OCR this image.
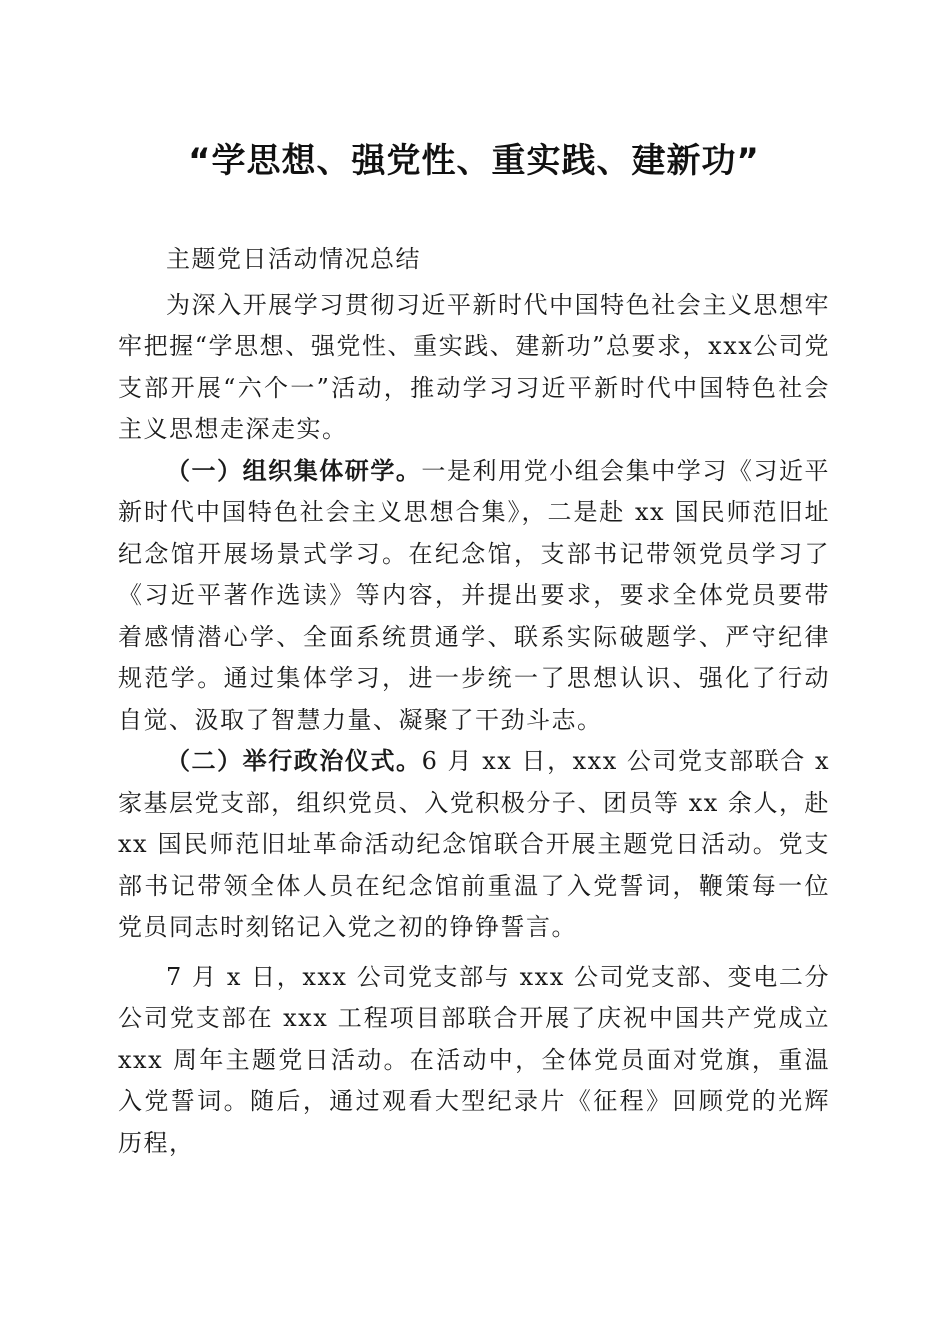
“学思想、强党性、重实践、建新功”

主题党日活动情况总结

为深入开展学习贯彻习近平新时代中国特色社会主义思想牢牢把握“学思想、强党性、重实践、建新功”总要求，xxx公司党支部开展“六个一”活动，推动学习习近平新时代中国特色社会主义思想走深走实。

（一）组织集体研学。一是利用党小组会集中学习《习近平新时代中国特色社会主义思想合集》，二是赴 xx 国民师范旧址纪念馆开展场景式学习。在纪念馆，支部书记带领党员学习了《习近平著作选读》等内容，并提出要求，要求全体党员要带着感情潜心学、全面系统贯通学、联系实际破题学、严守纪律规范学。通过集体学习，进一步统一了思想认识、强化了行动自觉、汲取了智慧力量、凝聚了干劲斗志。

（二）举行政治仪式。6 月 xx 日，xxx 公司党支部联合 x 家基层党支部，组织党员、入党积极分子、团员等 xx 余人，赴 xx 国民师范旧址革命活动纪念馆联合开展主题党日活动。党支部书记带领全体人员在纪念馆前重温了入党誓词，鞭策每一位党员同志时刻铭记入党之初的铮铮誓言。

7 月 x 日，xxx 公司党支部与 xxx 公司党支部、变电二分公司党支部在 xxx 工程项目部联合开展了庆祝中国共产党成立 xxx 周年主题党日活动。在活动中，全体党员面对党旗，重温入党誓词。随后，通过观看大型纪录片《征程》回顾党的光辉历程，
